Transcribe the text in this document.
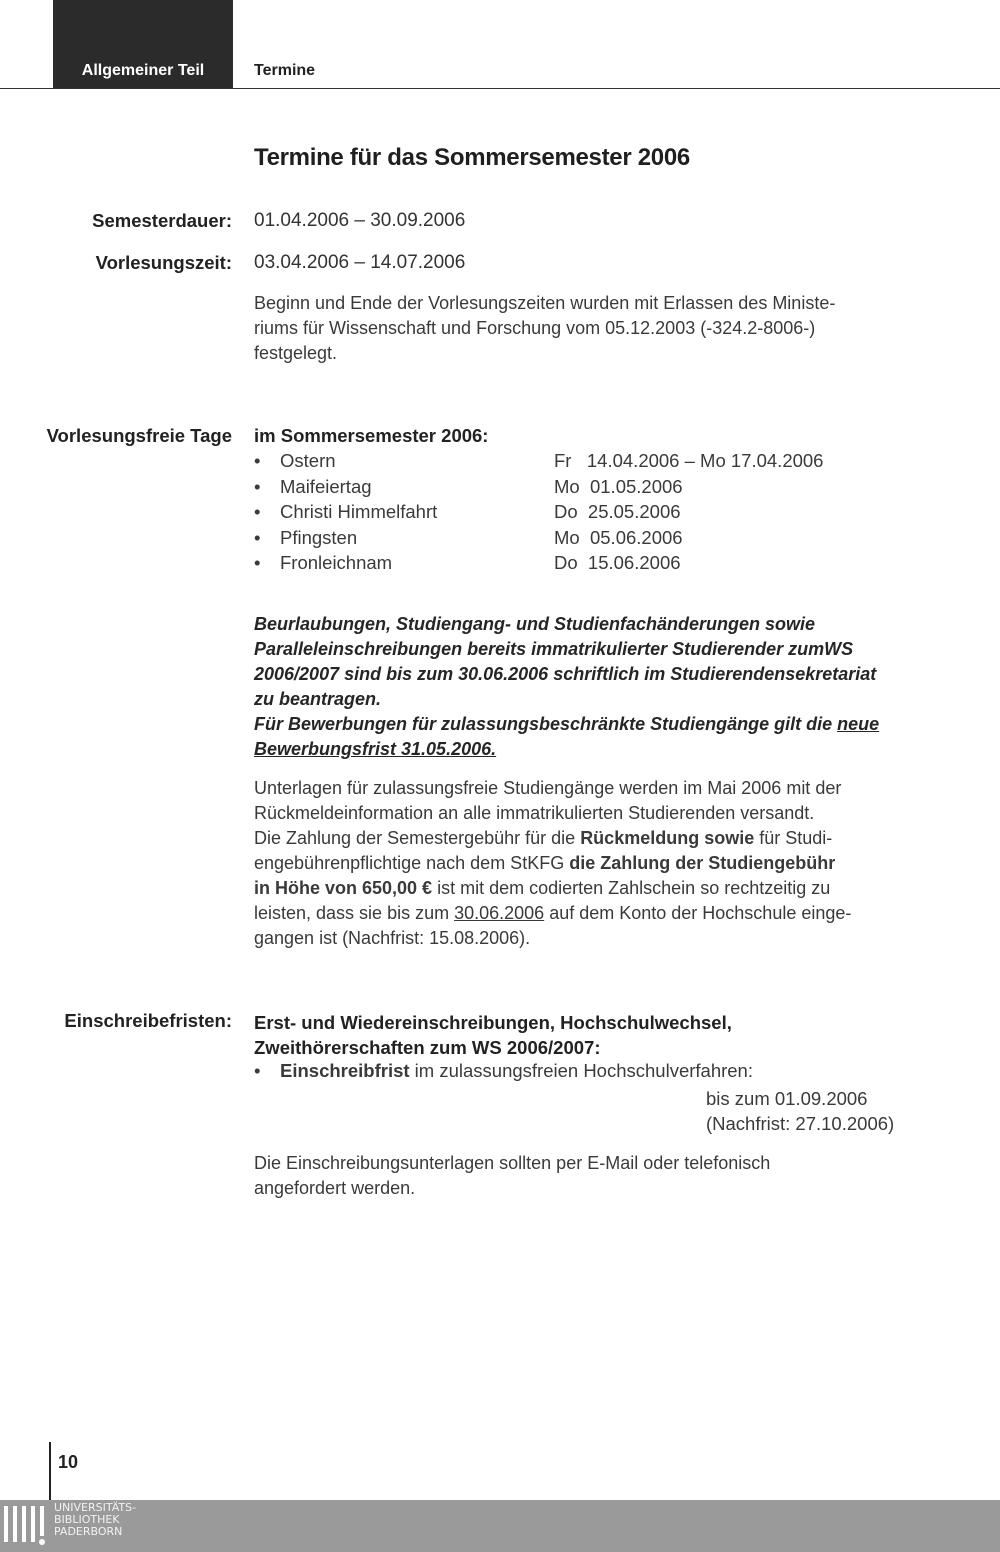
Allgemeiner Teil	Termine
Termine für das Sommersemester 2006
Semesterdauer: 01.04.2006 – 30.09.2006
Vorlesungszeit: 03.04.2006 – 14.07.2006
Beginn und Ende der Vorlesungszeiten wurden mit Erlassen des Ministe-
riums für Wissenschaft und Forschung vom 05.12.2003 (-324.2-8006-)
festgelegt.
Vorlesungsfreie Tage im Sommersemester 2006:
• Ostern	Fr   14.04.2006 – Mo 17.04.2006
• Maifeiertag	Mo  01.05.2006
• Christi Himmelfahrt	Do  25.05.2006
• Pfingsten	Mo  05.06.2006
• Fronleichnam	Do  15.06.2006
Beurlaubungen, Studiengang- und Studienfachänderungen sowie
Paralleleinschreibungen bereits immatrikulierter Studierender zumWS
2006/2007 sind bis zum 30.06.2006 schriftlich im Studierendensekretariat
zu beantragen.
Für Bewerbungen für zulassungsbeschränkte Studiengänge gilt die neue
Bewerbungsfrist 31.05.2006.
Unterlagen für zulassungsfreie Studiengänge werden im Mai 2006 mit der
Rückmeldeinformation an alle immatrikulierten Studierenden versandt.
Die Zahlung der Semestergebühr für die Rückmeldung sowie für Studi-
engebührenpflichtige nach dem StKFG die Zahlung der Studiengebühr
in Höhe von 650,00 € ist mit dem codierten Zahlschein so rechtzeitig zu
leisten, dass sie bis zum 30.06.2006 auf dem Konto der Hochschule einge-
gangen ist (Nachfrist: 15.08.2006).
Einschreibefristen: Erst- und Wiedereinschreibungen, Hochschulwechsel,
Zweithörerschaften zum WS 2006/2007:
• Einschreibfrist im zulassungsfreien Hochschulverfahren:
bis zum 01.09.2006
(Nachfrist: 27.10.2006)
Die Einschreibungsunterlagen sollten per E-Mail oder telefonisch
angefordert werden.
10
UNIVERSITÄTS-
BIBLIOTHEK
PADERBORN
